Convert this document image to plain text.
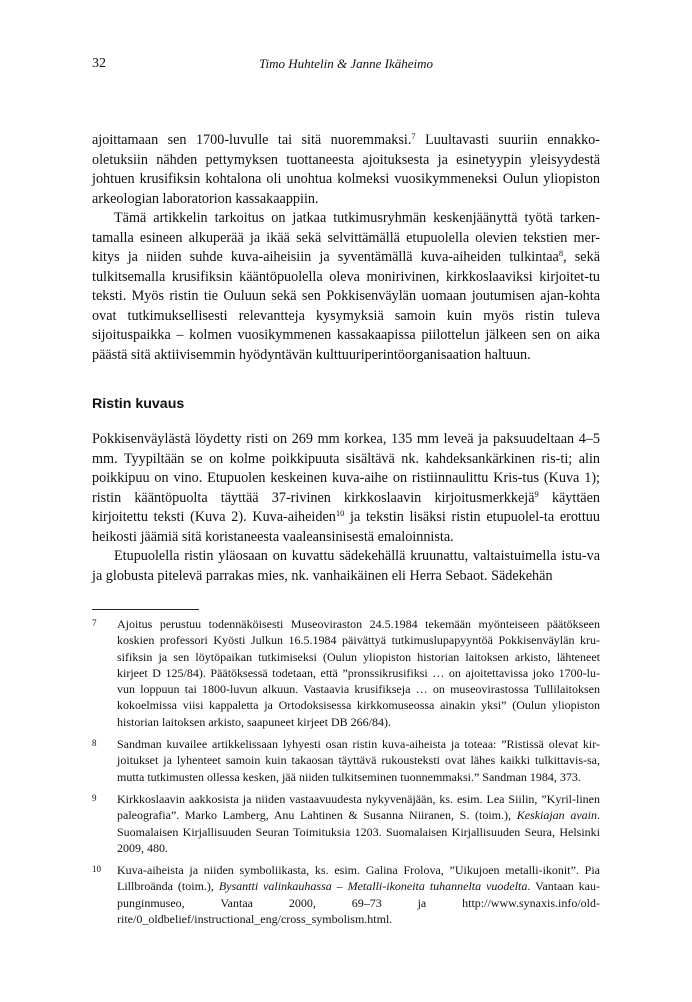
32	Timo Huhtelin & Janne Ikäheimo

ajoittamaan sen 1700-luvulle tai sitä nuoremmaksi.$^7$ Luultavasti suuriin ennakko-oletuksiin nähden pettymyksen tuottaneesta ajoituksesta ja esinetyypin yleisyydestä johtuen krusifiksin kohtalona oli unohtua kolmeksi vuosikymmeneksi Oulun yliopiston arkeologian laboratorion kassakaappiin.

Tämä artikkelin tarkoitus on jatkaa tutkimusryhmän keskenjäänyttä työtä tarken-tamalla esineen alkuperää ja ikää sekä selvittämällä etupuolella olevien tekstien mer-kitys ja niiden suhde kuva-aiheisiin ja syventämällä kuva-aiheiden tulkintaa$^8$, sekä tulkitsemalla krusifiksin kääntöpuolella oleva monirivinen, kirkkoslaaviksi kirjoitet-tu teksti. Myös ristin tie Ouluun sekä sen Pokkisenväylän uomaan joutumisen ajan-kohta ovat tutkimuksellisesti relevantteja kysymyksiä samoin kuin myös ristin tuleva sijoituspaikka – kolmen vuosikymmenen kassakaapissa piilottelun jälkeen sen on aika päästä sitä aktiivisemmin hyödyntävän kulttuuriperintöorganisaation haltuun.

Ristin kuvaus

Pokkisenväylästä löydetty risti on 269 mm korkea, 135 mm leveä ja paksuudeltaan 4–5 mm. Tyypiltään se on kolme poikkipuuta sisältävä nk. kahdeksankärkinen ris-ti; alin poikkipuu on vino. Etupuolen keskeinen kuva-aihe on ristiinnaulittu Kris-tus (Kuva 1); ristin kääntöpuolta täyttää 37-rivinen kirkkoslaavin kirjoitusmerkkejä$^9$ käyttäen kirjoitettu teksti (Kuva 2). Kuva-aiheiden$^{10}$ ja tekstin lisäksi ristin etupuolel-ta erottuu heikosti jäämiä sitä koristaneesta vaaleansinisestä emaloinnista.

Etupuolella ristin yläosaan on kuvattu sädekehällä kruunattu, valtaistuimella istu-va ja globusta pitelevä parrakas mies, nk. vanhaikäinen eli Herra Sebaot. Sädekehän

7 Ajoitus perustuu todennäköisesti Museoviraston 24.5.1984 tekemään myönteiseen päätökseen koskien professori Kyösti Julkun 16.5.1984 päivättyä tutkimuslupapyyntöä Pokkisenväylän kru-sifiksin ja sen löytöpaikan tutkimiseksi (Oulun yliopiston historian laitoksen arkisto, lähteneet kirjeet D 125/84). Päätöksessä todetaan, että ”pronssikrusifiksi … on ajoitettavissa joko 1700-lu-vun loppuun tai 1800-luvun alkuun. Vastaavia krusifikseja … on museovirastossa Tullilaitoksen kokoelmissa viisi kappaletta ja Ortodoksisessa kirkkomuseossa ainakin yksi” (Oulun yliopiston historian laitoksen arkisto, saapuneet kirjeet DB 266/84).
8 Sandman kuvailee artikkelissaan lyhyesti osan ristin kuva-aiheista ja toteaa: ”Ristissä olevat kir-joitukset ja lyhenteet samoin kuin takaosan täyttävä rukousteksti ovat lähes kaikki tulkittavis-sa, mutta tutkimusten ollessa kesken, jää niiden tulkitseminen tuonnemmaksi.” Sandman 1984, 373.
9 Kirkkoslaavin aakkosista ja niiden vastaavuudesta nykyvenäjään, ks. esim. Lea Siilin, ”Kyril-linen paleografia”. Marko Lamberg, Anu Lahtinen & Susanna Niiranen, S. (toim.), Keskiajan avain. Suomalaisen Kirjallisuuden Seuran Toimituksia 1203. Suomalaisen Kirjallisuuden Seura, Helsinki 2009, 480.
10 Kuva-aiheista ja niiden symboliikasta, ks. esim. Galina Frolova, ”Uikujoen metalli-ikonit”. Pia Lillbroända (toim.), Bysantti valinkauhassa – Metalli-ikoneita tuhannelta vuodelta. Vantaan kau-punginmuseo, Vantaa 2000, 69–73 ja http://www.synaxis.info/old-rite/0_oldbelief/instructional_eng/cross_symbolism.html.
